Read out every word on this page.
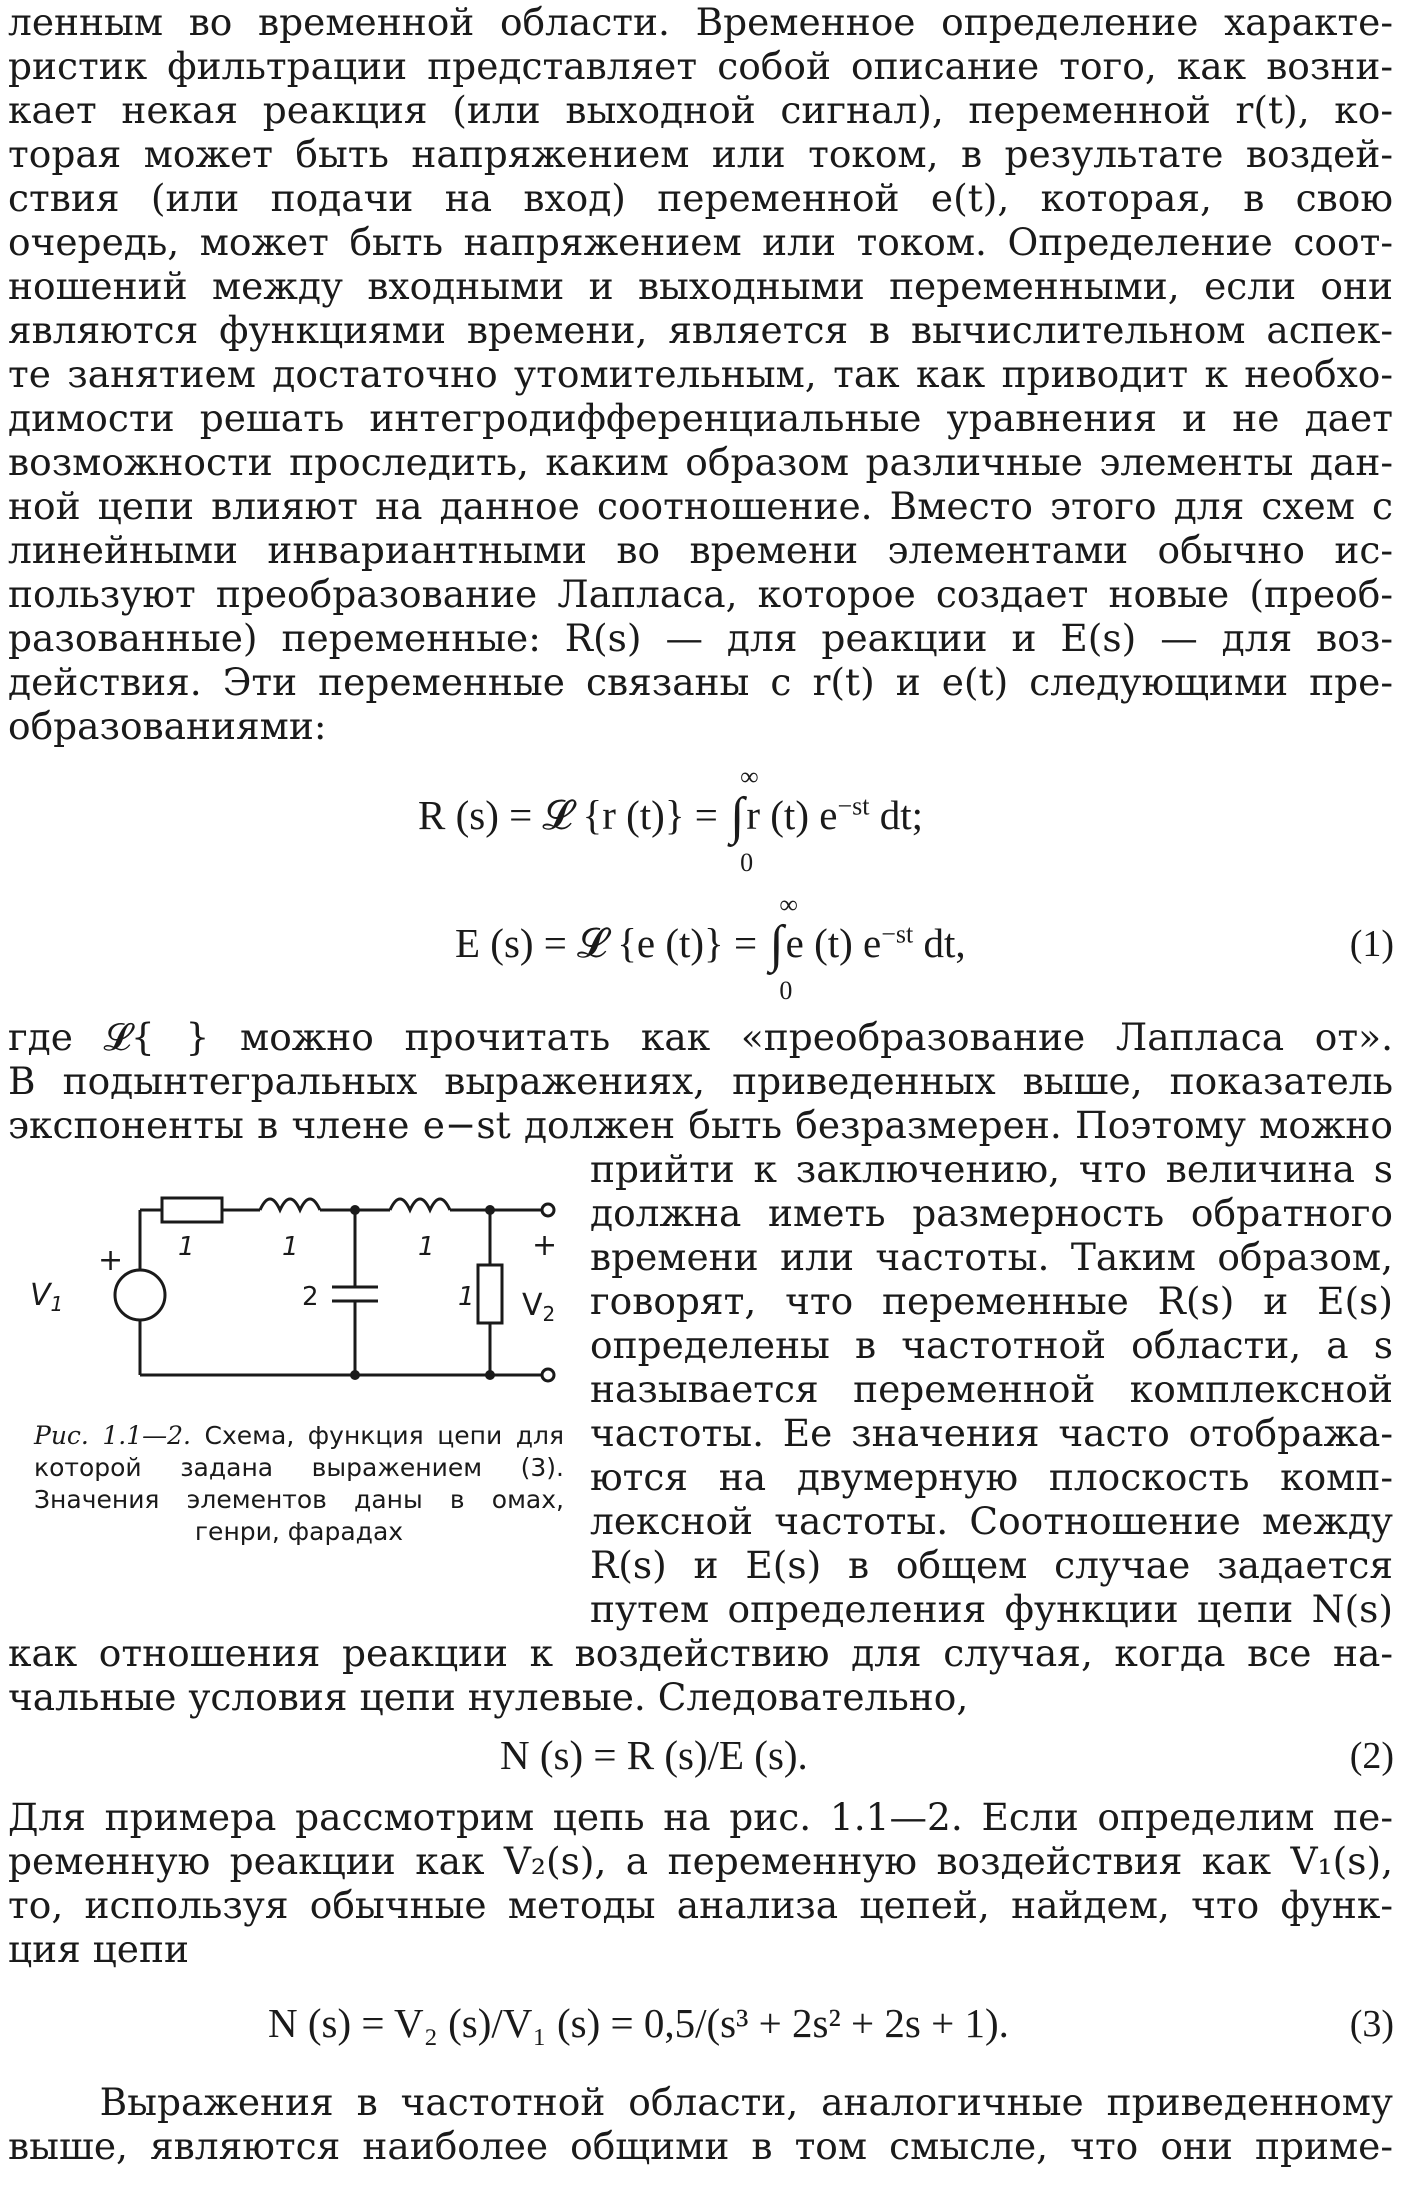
ленным во временной области. Временное определение характе-

ристик фильтрации представляет собой описание того, как возни-

кает некая реакция (или выходной сигнал), переменной r(t), ко-

торая может быть напряжением или током, в результате воздей-

ствия (или подачи на вход) переменной e(t), которая, в свою

очередь, может быть напряжением или током. Определение соот-

ношений между входными и выходными переменными, если они

являются функциями времени, является в вычислительном аспек-

те занятием достаточно утомительным, так как приводит к необхо-

димости решать интегродифференциальные уравнения и не дает

возможности проследить, каким образом различные элементы дан-

ной цепи влияют на данное соотношение. Вместо этого для схем с

линейными инвариантными во времени элементами обычно ис-

пользуют преобразование Лапласа, которое создает новые (преоб-

разованные) переменные: R(s) — для реакции и E(s) — для воз-

действия. Эти переменные связаны с r(t) и e(t) следующими пре-

образованиями:

R (s) = 𝓛 {r (t)} = ∫
∞
0
r (t) $e^{-st}$ dt;
E (s) = 𝓛 {e (t)} = ∫
∞
0
e (t) $e^{-st}$ dt,	(1)

где 𝓛{ } можно прочитать как «преобразование Лапласа от».

В подынтегральных выражениях, приведенных выше, показатель

экспоненты в члене e−st должен быть безразмерен. Поэтому можно

1	1	1
2	1
+	+
$V_1$	$V_2$
Рис. 1.1—2. Схема, функция цепи для которой задана выражением (3). Значения элементов даны в омах, генри, фарадах

прийти к заключению, что величина s

должна иметь размерность обратного

времени или частоты. Таким образом,

говорят, что переменные R(s) и E(s)

определены в частотной области, а s

называется переменной комплексной

частоты. Ее значения часто отобража-

ются на двумерную плоскость комп-

лексной частоты. Соотношение между

R(s) и E(s) в общем случае задается

путем определения функции цепи N(s)

как отношения реакции к воздействию для случая, когда все на-

чальные условия цепи нулевые. Следовательно,

N (s) = R (s)/E (s).	(2)

Для примера рассмотрим цепь на рис. 1.1—2. Если определим пе-

ременную реакции как V₂(s), а переменную воздействия как V₁(s),

то, используя обычные методы анализа цепей, найдем, что функ-

ция цепи

N (s) = V₂ (s)/V₁ (s) = 0,5/(s³ + 2s² + 2s + 1).	(3)

Выражения в частотной области, аналогичные приведенному

выше, являются наиболее общими в том смысле, что они приме-
